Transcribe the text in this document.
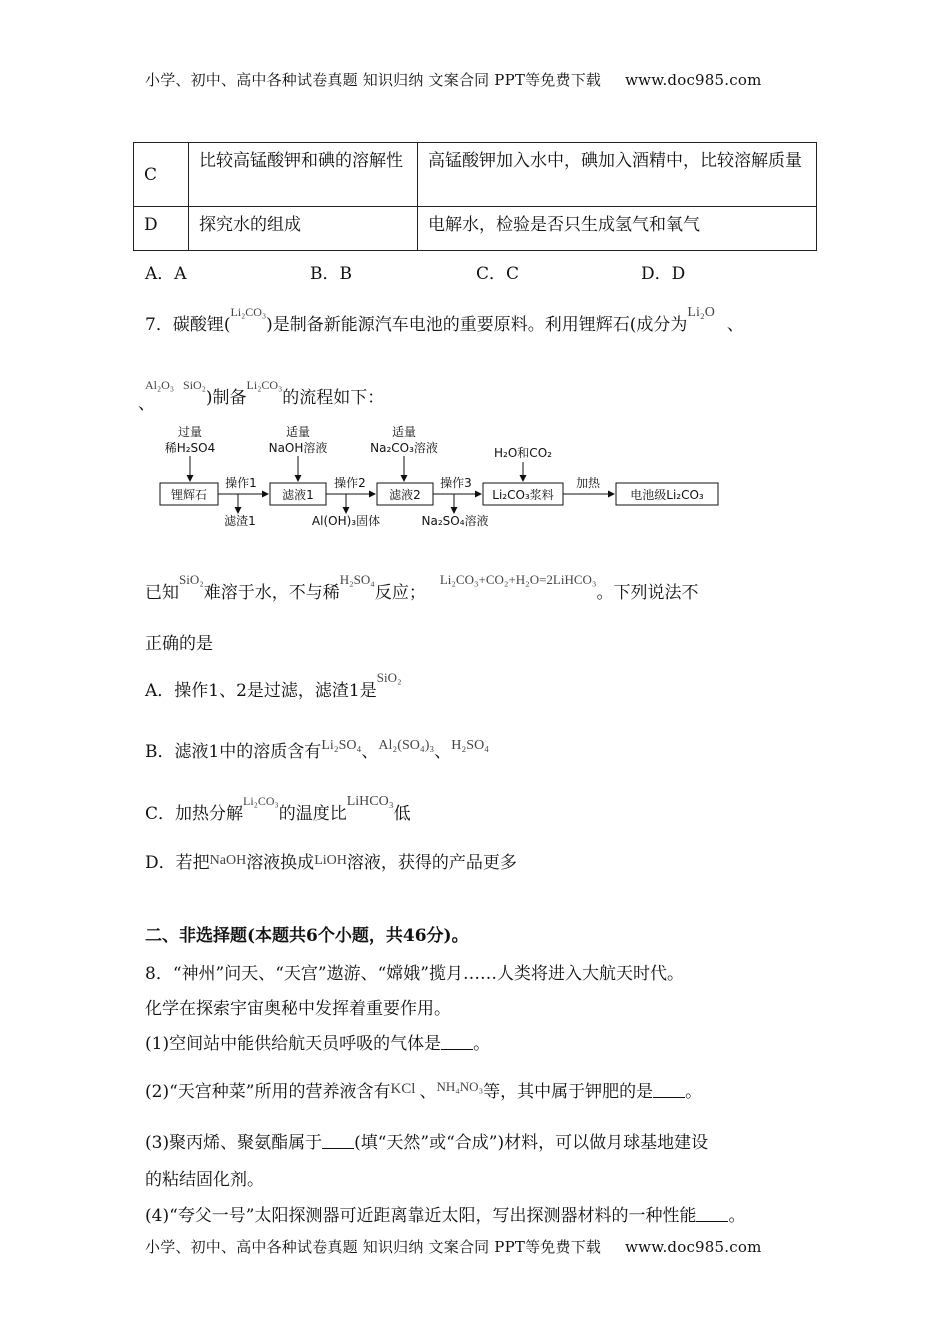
小学、初中、高中各种试卷真题 知识归纳 文案合同 PPT等免费下载 www.doc985.com
C	比较高锰酸钾和碘的溶解性	高锰酸钾加入水中，碘加入酒精中，比较溶解质量
D	探究水的组成	电解水，检验是否只生成氢气和氧气
A．A	B．B	C．C	D．D
7．碳酸锂($^{Li_2CO_3}$)是制备新能源汽车电池的重要原料。利用锂辉石(成分为$^{Li_2O}$、
$^{Al_2O_3}$、$^{SiO_2}$)制备$^{Li_2CO_3}$的流程如下：
过量
稀H₂SO4
适量
NaOH溶液
适量
Na₂CO₃溶液	H₂O和CO₂
锂辉石	滤液1	滤液2	Li₂CO₃浆料	电池级Li₂CO₃
操作1	操作2	操作3	加热
滤渣1	Al(OH)₃固体	Na₂SO₄溶液
已知$^{SiO_2}$难溶于水，不与稀$^{H_2SO_4}$反应；$^{Li_2CO_3+CO_2+H_2O=2LiHCO_3}$。下列说法不
正确的是
A．操作1、2是过滤，滤渣1是$^{SiO_2}$
B．滤液1中的溶质含有$^{Li_2SO_4}$、$^{Al_2(SO_4)_3}$、$^{H_2SO_4}$
C．加热分解$^{Li_2CO_3}$的温度比$^{LiHCO_3}$低
D．若把$^{NaOH}$溶液换成$^{LiOH}$溶液，获得的产品更多
二、非选择题(本题共6个小题，共46分)。
8．“神州”问天、“天宫”遨游、“嫦娥”揽月……人类将进入大航天时代。
化学在探索宇宙奥秘中发挥着重要作用。
(1)空间站中能供给航天员呼吸的气体是 。
(2)“天宫种菜”所用的营养液含有KCl 、$^{NH_4NO_3}$等，其中属于钾肥的是 。
(3)聚丙烯、聚氨酯属于 (填“天然”或“合成”)材料，可以做月球基地建设
的粘结固化剂。
(4)“夸父一号”太阳探测器可近距离靠近太阳，写出探测器材料的一种性能 。
小学、初中、高中各种试卷真题 知识归纳 文案合同 PPT等免费下载 www.doc985.com
